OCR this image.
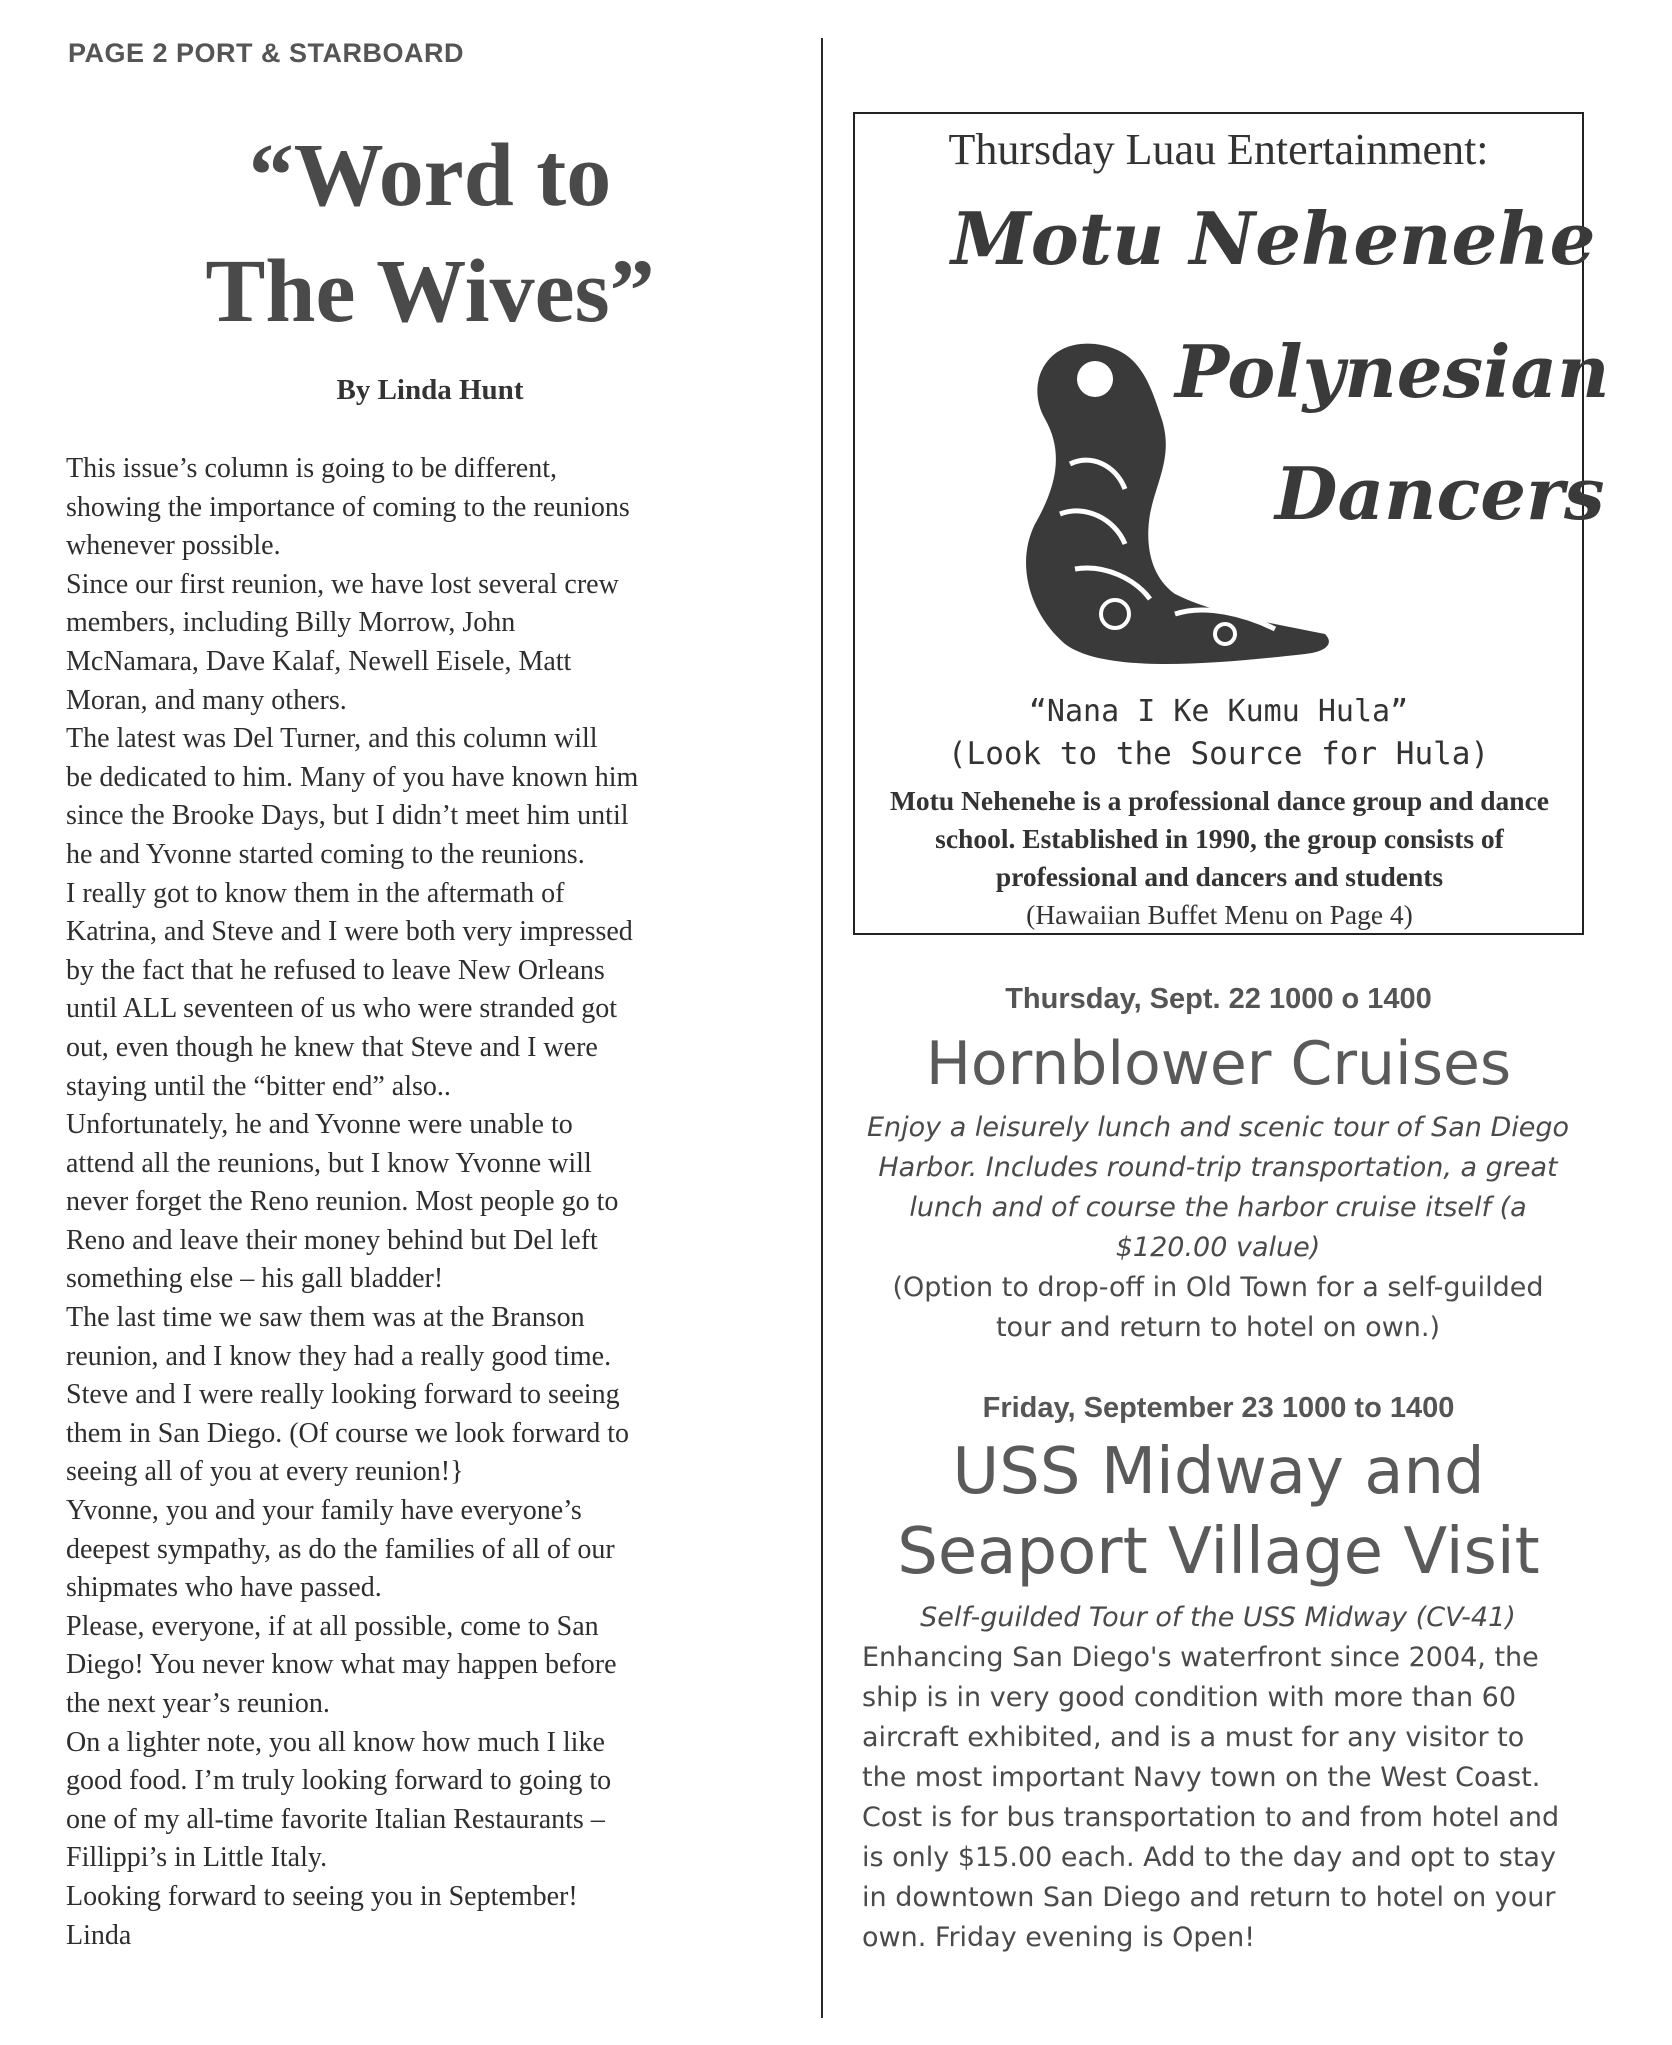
PAGE 2 PORT & STARBOARD
“Word to
The Wives”
By Linda Hunt

This issue’s column is going to be different,
showing the importance of coming to the reunions
whenever possible.

Since our first reunion, we have lost several crew
members, including Billy Morrow, John
McNamara, Dave Kalaf, Newell Eisele, Matt
Moran, and many others.

The latest was Del Turner, and this column will
be dedicated to him. Many of you have known him
since the Brooke Days, but I didn’t meet him until
he and Yvonne started coming to the reunions.

I really got to know them in the aftermath of
Katrina, and Steve and I were both very impressed
by the fact that he refused to leave New Orleans
until ALL seventeen of us who were stranded got
out, even though he knew that Steve and I were
staying until the “bitter end” also..

Unfortunately, he and Yvonne were unable to
attend all the reunions, but I know Yvonne will
never forget the Reno reunion. Most people go to
Reno and leave their money behind but Del left
something else – his gall bladder!

The last time we saw them was at the Branson
reunion, and I know they had a really good time.
Steve and I were really looking forward to seeing
them in San Diego. (Of course we look forward to
seeing all of you at every reunion!}

Yvonne, you and your family have everyone’s
deepest sympathy, as do the families of all of our
shipmates who have passed.

Please, everyone, if at all possible, come to San
Diego! You never know what may happen before
the next year’s reunion.

On a lighter note, you all know how much I like
good food. I’m truly looking forward to going to
one of my all-time favorite Italian Restaurants –
Fillippi’s in Little Italy.

Looking forward to seeing you in September!
Linda

Thursday Luau Entertainment:
Motu Nehenehe
Polynesian
Dancers
“Nana I Ke Kumu Hula”
(Look to the Source for Hula)
Motu Nehenehe is a professional dance group and dance school. Established in 1990, the group consists of professional and dancers and students
(Hawaiian Buffet Menu on Page 4)
Thursday, Sept. 22 1000 o 1400
Hornblower Cruises
Enjoy a leisurely lunch and scenic tour of San Diego Harbor. Includes round-trip transportation, a great lunch and of course the harbor cruise itself (a $120.00 value)
(Option to drop-off in Old Town for a self-guilded tour and return to hotel on own.)
Friday, September 23 1000 to 1400
USS Midway and
Seaport Village Visit
Self-guilded Tour of the USS Midway (CV-41)
Enhancing San Diego's waterfront since 2004, the ship is in very good condition with more than 60 aircraft exhibited, and is a must for any visitor to the most important Navy town on the West Coast. Cost is for bus transportation to and from hotel and is only $15.00 each. Add to the day and opt to stay in downtown San Diego and return to hotel on your own. Friday evening is Open!
